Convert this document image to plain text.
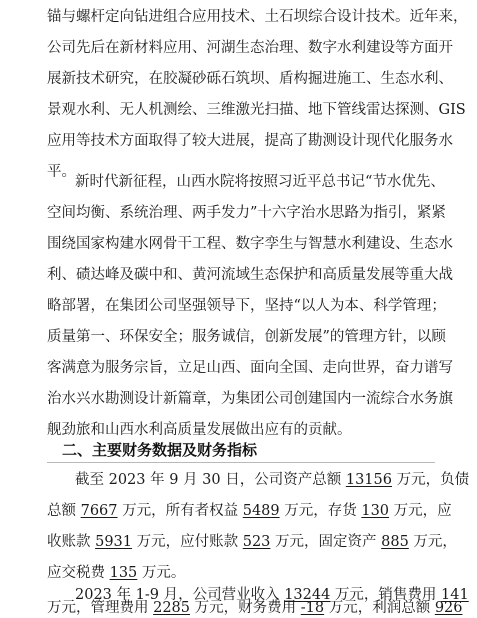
锚与螺杆定向钻进组合应用技术、土石坝综合设计技术。近年来，
公司先后在新材料应用、河湖生态治理、数字水利建设等方面开
展新技术研究，在胶凝砂砾石筑坝、盾构掘进施工、生态水利、
景观水利、无人机测绘、三维激光扫描、地下管线雷达探测、GIS
应用等技术方面取得了较大进展，提高了勘测设计现代化服务水
平。
新时代新征程，山西水院将按照习近平总书记“节水优先、
空间均衡、系统治理、两手发力”十六字治水思路为指引，紧紧
围绕国家构建水网骨干工程、数字孪生与智慧水利建设、生态水
利、碛达峰及碳中和、黄河流域生态保护和高质量发展等重大战
略部署，在集团公司坚强领导下，坚持“以人为本、科学管理；
质量第一、环保安全；服务诚信，创新发展”的管理方针，以顾
客满意为服务宗旨，立足山西、面向全国、走向世界，奋力谱写
治水兴水勘测设计新篇章，为集团公司创建国内一流综合水务旗
舰劲旅和山西水利高质量发展做出应有的贡献。
二、主要财务数据及财务指标
截至 2023 年 9 月 30 日，公司资产总额 13156 万元，负债
总额 7667 万元，所有者权益 5489 万元，存货 130 万元，应
收账款 5931 万元，应付账款 523 万元，固定资产 885 万元，
应交税费 135 万元。
2023 年 1-9 月，公司营业收入 13244 万元，销售费用 141
万元，管理费用 2285 万元，财务费用 -18 万元，利润总额 926
